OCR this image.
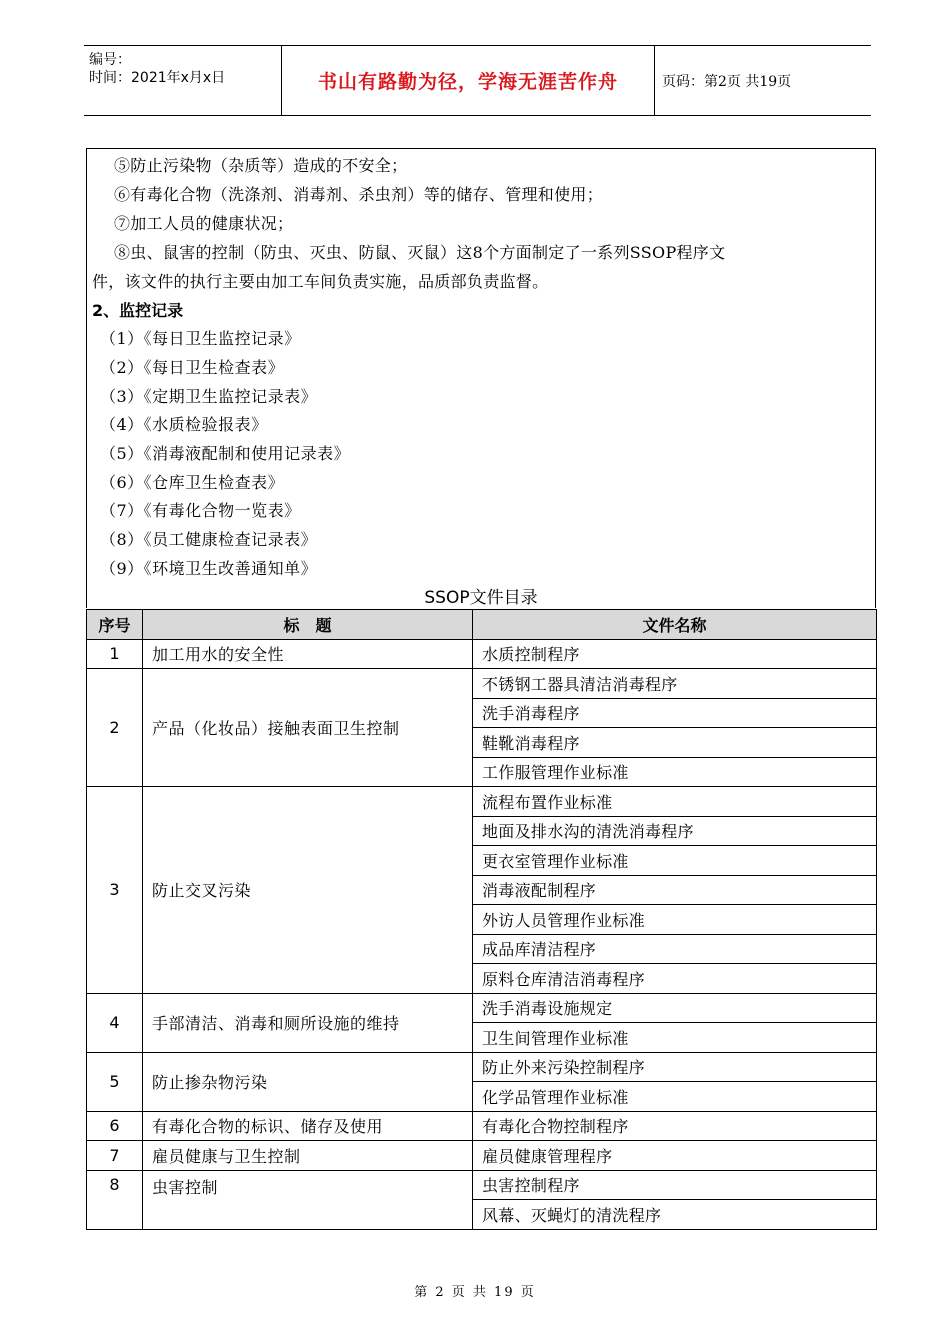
编号：
时间：2021年x月x日	书山有路勤为径，学海无涯苦作舟	页码：第2页 共19页
⑤防止污染物（杂质等）造成的不安全；
⑥有毒化合物（洗涤剂、消毒剂、杀虫剂）等的储存、管理和使用；
⑦加工人员的健康状况；
⑧虫、鼠害的控制（防虫、灭虫、防鼠、灭鼠）这8个方面制定了一系列SSOP程序文
件，该文件的执行主要由加工车间负责实施，品质部负责监督。
2、监控记录
（1）《每日卫生监控记录》
（2）《每日卫生检查表》
（3）《定期卫生监控记录表》
（4）《水质检验报表》
（5）《消毒液配制和使用记录表》
（6）《仓库卫生检查表》
（7）《有毒化合物一览表》
（8）《员工健康检查记录表》
（9）《环境卫生改善通知单》
SSOP文件目录
序号	标　题	文件名称
1	加工用水的安全性	水质控制程序
2	产品（化妆品）接触表面卫生控制	不锈钢工器具清洁消毒程序
		洗手消毒程序
		鞋靴消毒程序
		工作服管理作业标准
3	防止交叉污染	流程布置作业标准
		地面及排水沟的清洗消毒程序
		更衣室管理作业标准
		消毒液配制程序
		外访人员管理作业标准
		成品库清洁程序
		原料仓库清洁消毒程序
4	手部清洁、消毒和厕所设施的维持	洗手消毒设施规定
		卫生间管理作业标准
5	防止掺杂物污染	防止外来污染控制程序
		化学品管理作业标准
6	有毒化合物的标识、储存及使用	有毒化合物控制程序
7	雇员健康与卫生控制	雇员健康管理程序
8	虫害控制	虫害控制程序
		风幕、灭蝇灯的清洗程序
第 2 页 共 19 页
